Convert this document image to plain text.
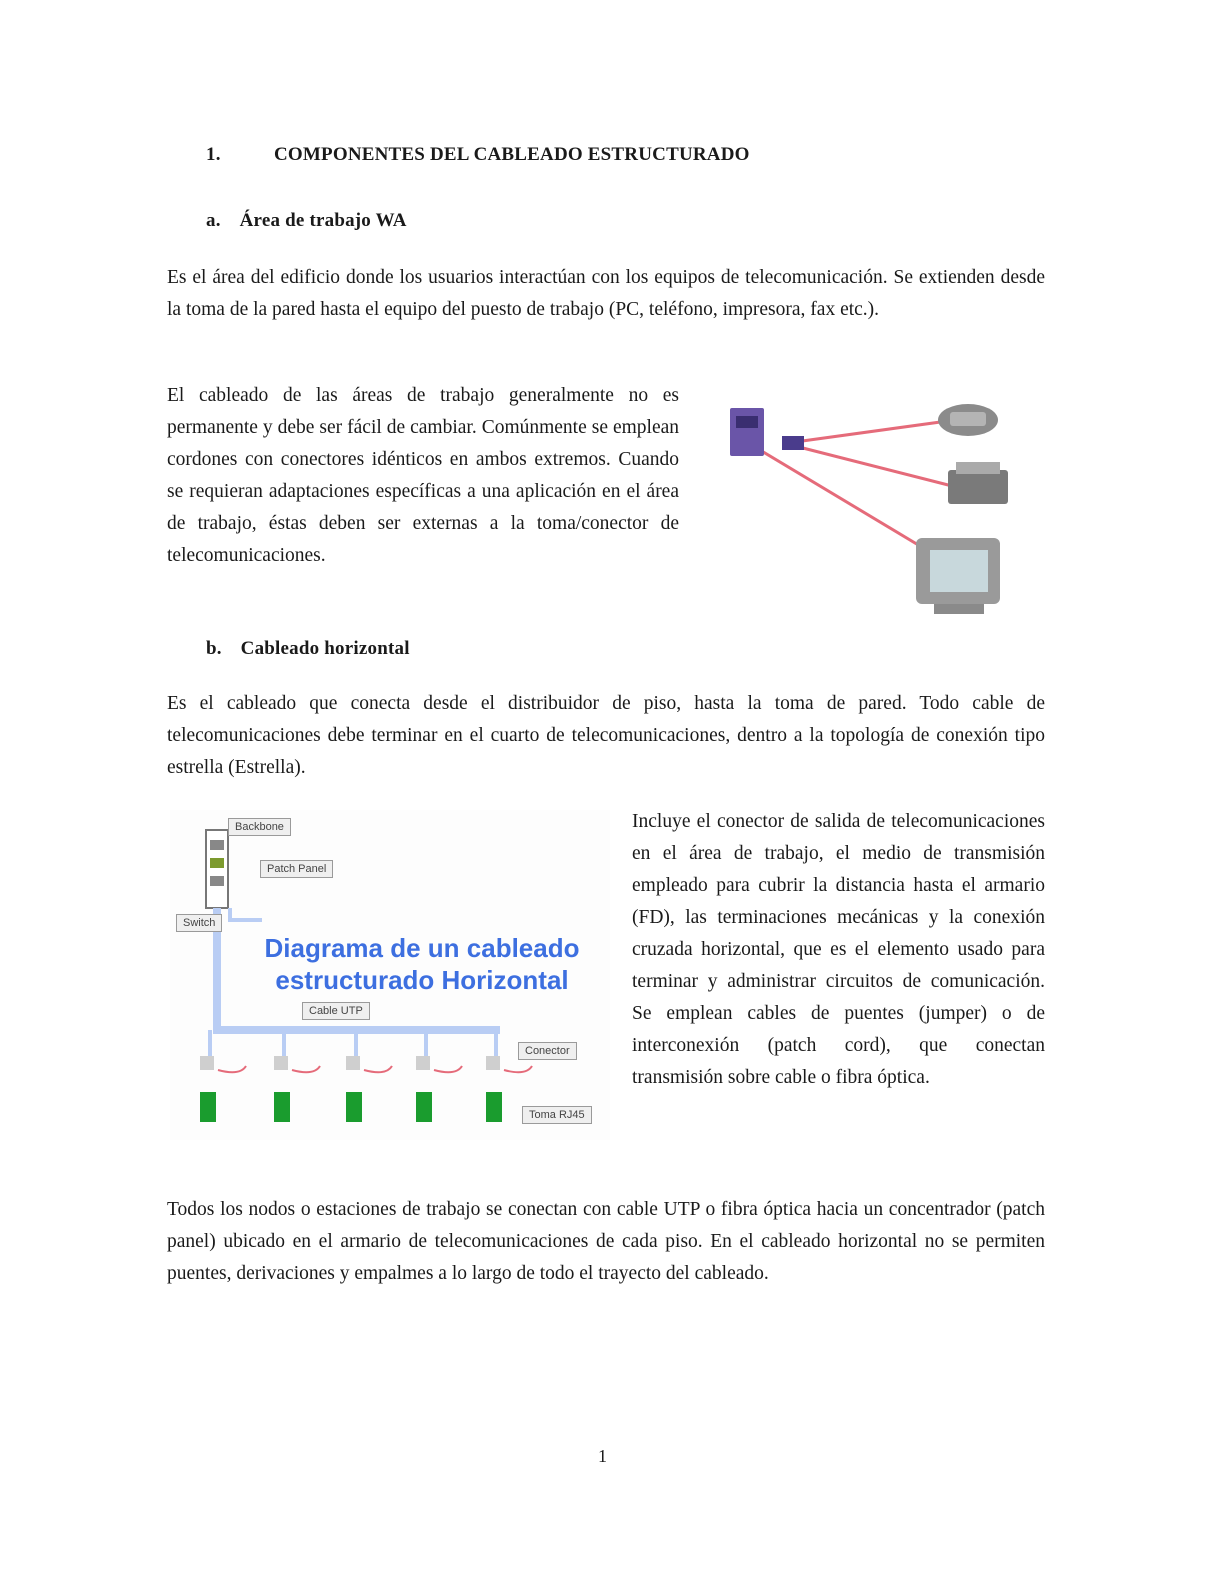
1.	COMPONENTES DEL CABLEADO ESTRUCTURADO
a. Área de trabajo WA
Es el área del edificio donde los usuarios interactúan con los equipos de telecomunicación. Se extienden desde la toma de la pared hasta el equipo del puesto de trabajo (PC, teléfono, impresora, fax etc.).
El cableado de las áreas de trabajo generalmente no es permanente y debe ser fácil de cambiar. Comúnmente se emplean cordones con conectores idénticos en ambos extremos. Cuando se requieran adaptaciones específicas a una aplicación en el área de trabajo, éstas deben ser externas a la toma/conector de telecomunicaciones.
b. Cableado horizontal
Es el cableado que conecta desde el distribuidor de piso, hasta la toma de pared. Todo cable de telecomunicaciones debe terminar en el cuarto de telecomunicaciones, dentro a la topología de conexión tipo estrella (Estrella).
Backbone
Patch Panel
Switch
Cable UTP
Conector
Toma RJ45
Diagrama de un cableado estructurado Horizontal
Incluye el conector de salida de telecomunicaciones en el área de trabajo, el medio de transmisión empleado para cubrir la distancia hasta el armario (FD), las terminaciones mecánicas y la conexión cruzada horizontal, que es el elemento usado para terminar y administrar circuitos de comunicación. Se emplean cables de puentes (jumper) o de interconexión (patch cord), que conectan transmisión sobre cable o fibra óptica.
Todos los nodos o estaciones de trabajo se conectan con cable UTP o fibra óptica hacia un concentrador (patch panel) ubicado en el armario de telecomunicaciones de cada piso. En el cableado horizontal no se permiten puentes, derivaciones y empalmes a lo largo de todo el trayecto del cableado.
1
